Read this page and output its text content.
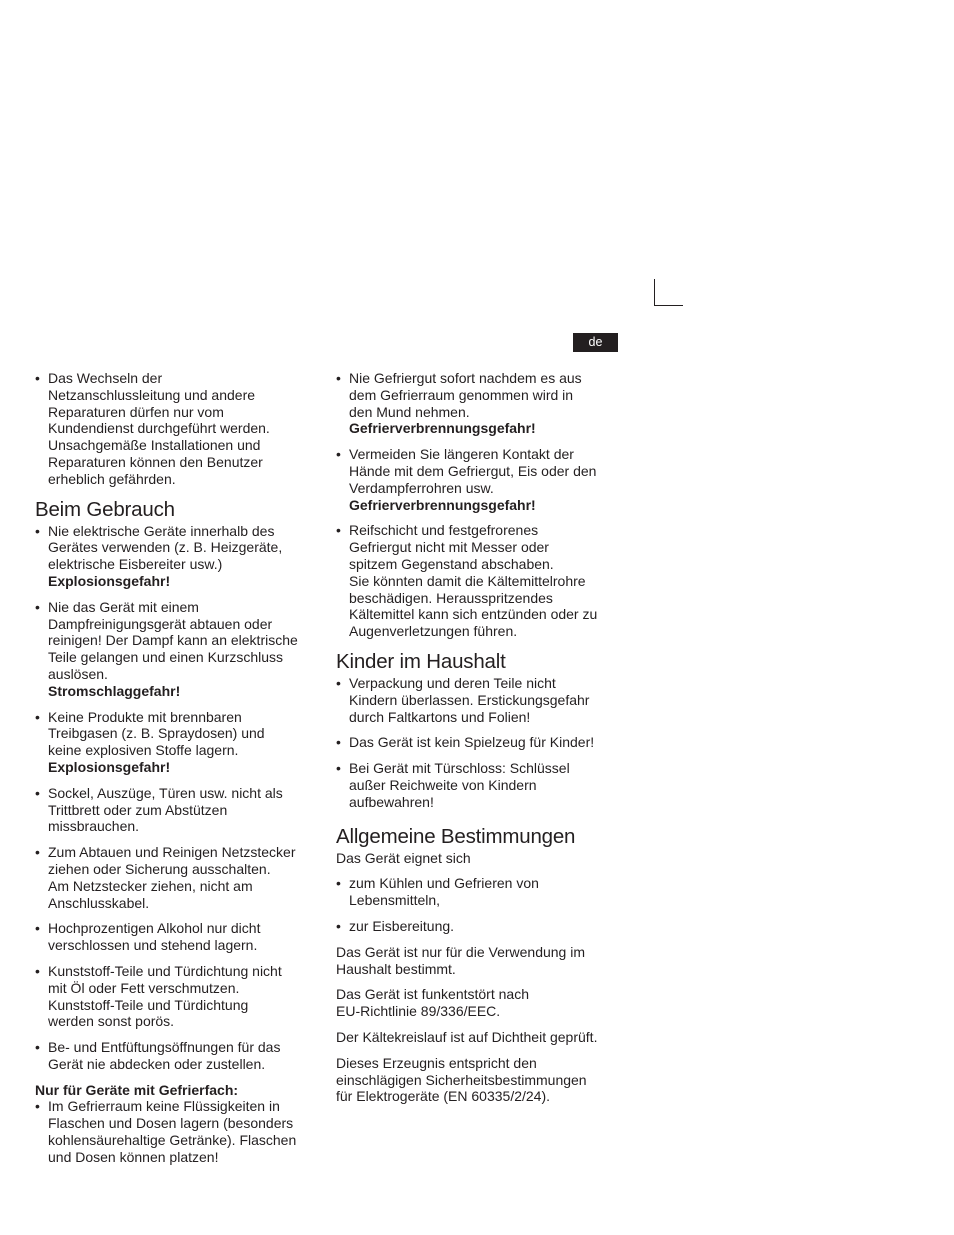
de
• Das Wechseln der
Netzanschlussleitung und andere
Reparaturen dürfen nur vom
Kundendienst durchgeführt werden.
Unsachgemäße Installationen und
Reparaturen können den Benutzer
erheblich gefährden.
Beim Gebrauch
• Nie elektrische Geräte innerhalb des
Gerätes verwenden (z. B. Heizgeräte,
elektrische Eisbereiter usw.)
Explosionsgefahr!
• Nie das Gerät mit einem
Dampfreinigungsgerät abtauen oder
reinigen! Der Dampf kann an elektrische
Teile gelangen und einen Kurzschluss
auslösen.
Stromschlaggefahr!
• Keine Produkte mit brennbaren
Treibgasen (z. B. Spraydosen) und
keine explosiven Stoffe lagern.
Explosionsgefahr!
• Sockel, Auszüge, Türen usw. nicht als
Trittbrett oder zum Abstützen
missbrauchen.
• Zum Abtauen und Reinigen Netzstecker
ziehen oder Sicherung ausschalten.
Am Netzstecker ziehen, nicht am
Anschlusskabel.
• Hochprozentigen Alkohol nur dicht
verschlossen und stehend lagern.
• Kunststoff-Teile und Türdichtung nicht
mit Öl oder Fett verschmutzen.
Kunststoff-Teile und Türdichtung
werden sonst porös.
• Be- und Entfüftungsöffnungen für das
Gerät nie abdecken oder zustellen.
Nur für Geräte mit Gefrierfach:
• Im Gefrierraum keine Flüssigkeiten in
Flaschen und Dosen lagern (besonders
kohlensäurehaltige Getränke). Flaschen
und Dosen können platzen!
• Nie Gefriergut sofort nachdem es aus
dem Gefrierraum genommen wird in
den Mund nehmen.
Gefrierverbrennungsgefahr!
• Vermeiden Sie längeren Kontakt der
Hände mit dem Gefriergut, Eis oder den
Verdampferrohren usw.
Gefrierverbrennungsgefahr!
• Reifschicht und festgefrorenes
Gefriergut nicht mit Messer oder
spitzem Gegenstand abschaben.
Sie könnten damit die Kältemittelrohre
beschädigen. Herausspritzendes
Kältemittel kann sich entzünden oder zu
Augenverletzungen führen.
Kinder im Haushalt
• Verpackung und deren Teile nicht
Kindern überlassen. Erstickungsgefahr
durch Faltkartons und Folien!
• Das Gerät ist kein Spielzeug für Kinder!
• Bei Gerät mit Türschloss: Schlüssel
außer Reichweite von Kindern
aufbewahren!
Allgemeine Bestimmungen

Das Gerät eignet sich

• zum Kühlen und Gefrieren von
Lebensmitteln,
• zur Eisbereitung.

Das Gerät ist nur für die Verwendung im
Haushalt bestimmt.

Das Gerät ist funkentstört nach
EU-Richtlinie 89/336/EEC.

Der Kältekreislauf ist auf Dichtheit geprüft.

Dieses Erzeugnis entspricht den
einschlägigen Sicherheitsbestimmungen
für Elektrogeräte (EN 60335/2/24).
